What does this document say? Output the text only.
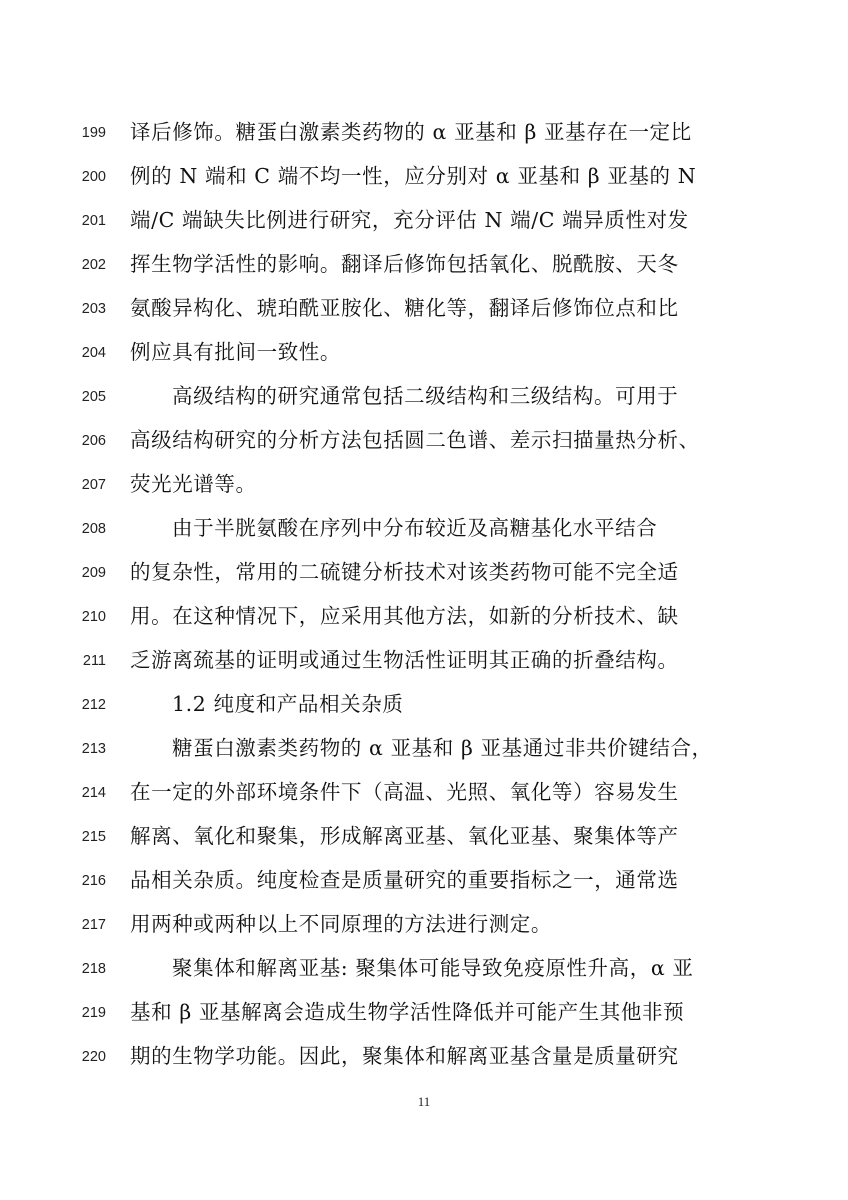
199 译后修饰。糖蛋白激素类药物的 α 亚基和 β 亚基存在一定比
200 例的 N 端和 C 端不均一性，应分别对 α 亚基和 β 亚基的 N
201 端/C 端缺失比例进行研究，充分评估 N 端/C 端异质性对发
202 挥生物学活性的影响。翻译后修饰包括氧化、脱酰胺、天冬
203 氨酸异构化、琥珀酰亚胺化、糖化等，翻译后修饰位点和比
204 例应具有批间一致性。
205	高级结构的研究通常包括二级结构和三级结构。可用于
206 高级结构研究的分析方法包括圆二色谱、差示扫描量热分析、
207 荧光光谱等。
208	由于半胱氨酸在序列中分布较近及高糖基化水平结合
209 的复杂性，常用的二硫键分析技术对该类药物可能不完全适
210 用。在这种情况下，应采用其他方法，如新的分析技术、缺
211 乏游离巯基的证明或通过生物活性证明其正确的折叠结构。
212	1.2 纯度和产品相关杂质
213	糖蛋白激素类药物的 α 亚基和 β 亚基通过非共价键结合，
214 在一定的外部环境条件下（高温、光照、氧化等）容易发生
215 解离、氧化和聚集，形成解离亚基、氧化亚基、聚集体等产
216 品相关杂质。纯度检查是质量研究的重要指标之一，通常选
217 用两种或两种以上不同原理的方法进行测定。
218	聚集体和解离亚基: 聚集体可能导致免疫原性升高，α 亚
219 基和 β 亚基解离会造成生物学活性降低并可能产生其他非预
220 期的生物学功能。因此，聚集体和解离亚基含量是质量研究
11
